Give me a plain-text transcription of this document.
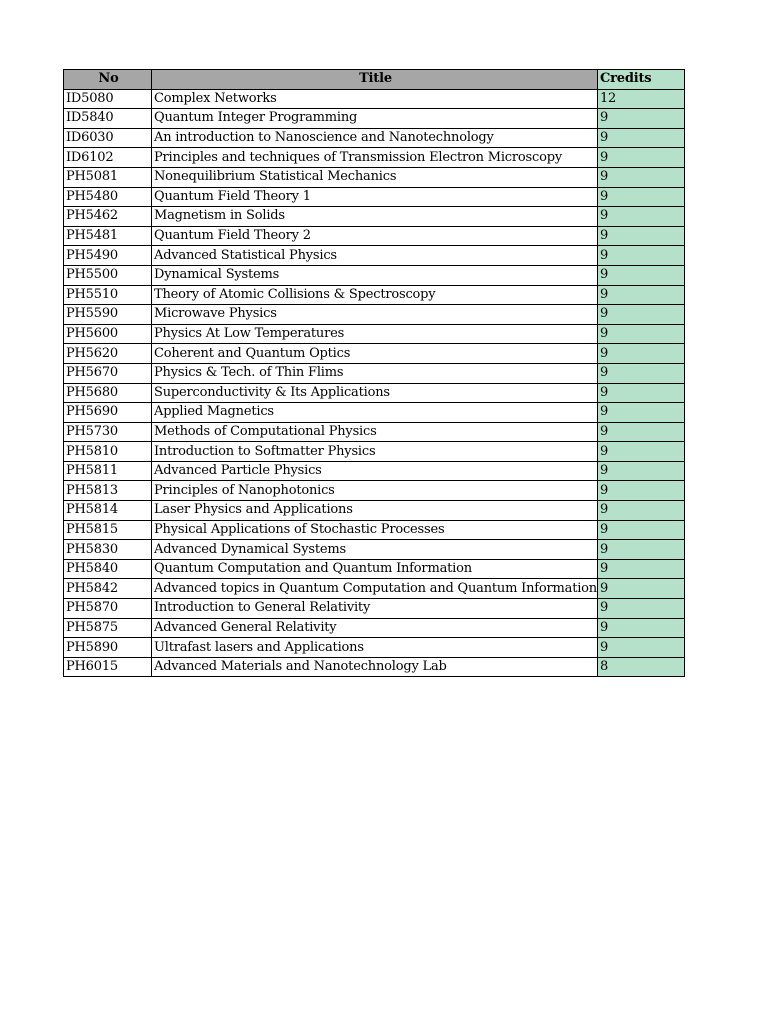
No	Title	Credits
ID5080	Complex Networks	12
ID5840	Quantum Integer Programming	9
ID6030	An introduction to Nanoscience and Nanotechnology	9
ID6102	Principles and techniques of Transmission Electron Microscopy	9
PH5081	Nonequilibrium Statistical Mechanics	9
PH5480	Quantum Field Theory 1	9
PH5462	Magnetism in Solids	9
PH5481	Quantum Field Theory 2	9
PH5490	Advanced Statistical Physics	9
PH5500	Dynamical Systems	9
PH5510	Theory of Atomic Collisions & Spectroscopy	9
PH5590	Microwave Physics	9
PH5600	Physics At Low Temperatures	9
PH5620	Coherent and Quantum Optics	9
PH5670	Physics & Tech. of Thin Flims	9
PH5680	Superconductivity & Its Applications	9
PH5690	Applied Magnetics	9
PH5730	Methods of Computational Physics	9
PH5810	Introduction to Softmatter Physics	9
PH5811	Advanced Particle Physics	9
PH5813	Principles of Nanophotonics	9
PH5814	Laser Physics and Applications	9
PH5815	Physical Applications of Stochastic Processes	9
PH5830	Advanced Dynamical Systems	9
PH5840	Quantum Computation and Quantum Information	9
PH5842	Advanced topics in Quantum Computation and Quantum Information	9
PH5870	Introduction to General Relativity	9
PH5875	Advanced General Relativity	9
PH5890	Ultrafast lasers and Applications	9
PH6015	Advanced Materials and Nanotechnology Lab	8
